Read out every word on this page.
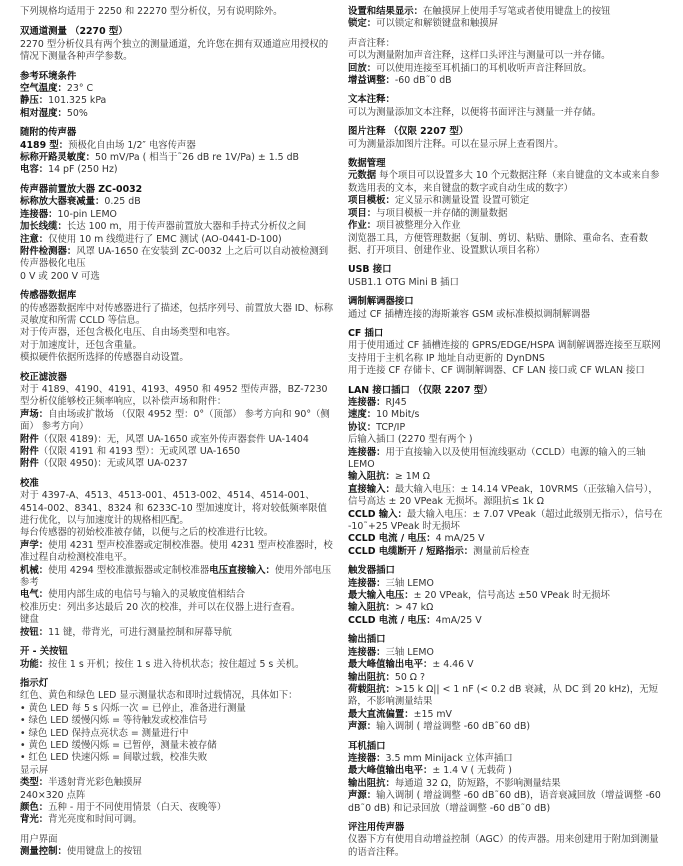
下列规格均适用于 2250 和 22270 型分析仪，另有说明除外。
双通道测量 （2270 型）
2270 型分析仪具有两个独立的测量通道，允许您在拥有双通道应用授权的情况下测量各种声学参数。
参考环境条件
空气温度：23° C
静压：101.325 kPa
相对湿度：50%
随附的传声器
4189 型：预极化自由场 1/2″ 电容传声器
标称开路灵敏度：50 mV/Pa ( 相当于˜26 dB re 1V/Pa) ± 1.5 dB
电容：14 pF (250 Hz)
传声器前置放大器 ZC-0032
标称放大器衰减量：0.25 dB
连接器：10-pin LEMO
加长线缆：长达 100 m，用于传声器前置放大器和手持式分析仪之间
注意：仅使用 10 m 线缆进行了 EMC 测试 (AO-0441-D-100)
附件检测器：风罩 UA-1650 在安装到 ZC-0032 上之后可以自动被检测到
传声器极化电压
0 V 或 200 V 可选
传感器数据库
的传感器数据库中对传感器进行了描述，包括序列号、前置放大器 ID、标称灵敏度和所需 CCLD 等信息。
对于传声器，还包含极化电压、自由场类型和电容。
对于加速度计，还包含重量。
模拟硬件依据所选择的传感器自动设置。
校正滤波器
对于 4189、4190、4191、4193、4950 和 4952 型传声器，BZ-7230 型分析仪能够校正频率响应，以补偿声场和附件：
声场：自由场或扩散场 （仅限 4952 型：0°（顶部） 参考方向和 90°（侧面） 参考方向）
附件（仅限 4189)：无，风罩 UA-1650 或室外传声器套件 UA-1404
附件（仅限 4191 和 4193 型）：无或风罩 UA-1650
附件（仅限 4950)：无或风罩 UA-0237
校准
对于 4397-A、4513、4513-001、4513-002、4514、4514-001、4514-002、8341、8324 和 6233C-10 型加速度计，将对较低频率限值进行优化，以与加速度计的规格相匹配。
每台传感器的初始校准被存储，以便与之后的校准进行比较。
声学：使用 4231 型声校准器或定制校准器。使用 4231 型声校准器时，校准过程自动检测校准电平。
机械：使用 4294 型校准激振器或定制校准器电压直接输入：使用外部电压参考
电气：使用内部生成的电信号与输入的灵敏度值相结合
校准历史：列出多达最后 20 次的校准，并可以在仪器上进行查看。
键盘
按钮：11 键，带背光，可进行测量控制和屏幕导航
开 - 关按钮
功能：按住 1 s 开机；按住 1 s 进入待机状态；按住超过 5 s 关机。
指示灯
红色、黄色和绿色 LED 显示测量状态和即时过载情况，具体如下：
• 黄色 LED 每 5 s 闪烁一次 = 已停止，准备进行测量
• 绿色 LED 缓慢闪烁 = 等待触发或校准信号
• 绿色 LED 保持点亮状态 = 测量进行中
• 黄色 LED 缓慢闪烁 = 已暂停，测量未被存储
• 红色 LED 快速闪烁 = 间歇过载，校准失败
显示屏
类型：半透射背光彩色触摸屏
240×320 点阵
颜色：五种 - 用于不同使用情景（白天、夜晚等）
背光：背光亮度和时间可调。
用户界面
测量控制：使用键盘上的按钮
设置和结果显示：在触摸屏上使用手写笔或者使用键盘上的按钮
锁定：可以锁定和解锁键盘和触摸屏
声音注释：
可以为测量附加声音注释，这样口头评注与测量可以一并存储。
回放：可以使用连接至耳机插口的耳机收听声音注释回放。
增益调整：-60 dB˜0 dB
文本注释：
可以为测量添加文本注释，以便将书面评注与测量一并存储。
图片注释 （仅限 2207 型）
可为测量添加图片注释。可以在显示屏上查看图片。
数据管理
元数据 每个项目可以设置多大 10 个元数据注释（来自键盘的文本或来自参数选用表的文本，来自键盘的数字或自动生成的数字）
项目模板：定义显示和测量设置 设置可锁定
项目：与项目模板一并存储的测量数据
作业：项目被整理分入作业
浏览器工具，方便管理数据（复制、剪切、粘贴、删除、重命名、查看数据、打开项目、创建作业、设置默认项目名称）
USB 接口
USB1.1 OTG Mini B 插口
调制解调器接口
通过 CF 插槽连接的海斯兼容 GSM 或标准模拟调制解调器
CF 插口
用于使用通过 CF 插槽连接的 GPRS/EDGE/HSPA 调制解调器连接至互联网
支持用于主机名称 IP 地址自动更新的 DynDNS
用于连接 CF 存储卡、CF 调制解调器、CF LAN 接口或 CF WLAN 接口
LAN 接口插口 （仅限 2207 型）
连接器：RJ45
速度：10 Mbit/s
协议：TCP/IP
后输入插口 (2270 型有两个 )
连接器：用于直接输入以及使用恒流线驱动（CCLD）电源的输入的三轴 LEMO
输入阻抗：≥ 1M Ω
直接输入：最大输入电压：± 14.14 VPeak，10VRMS（正弦输入信号），信号高达 ± 20 VPeak 无损坏。源阻抗≤ 1k Ω
CCLD 输入：最大输入电压：± 7.07 VPeak（超过此级别无指示），信号在 -10˜+25 VPeak 时无损坏
CCLD 电流 / 电压：4 mA/25 V
CCLD 电缆断开 / 短路指示：测量前后检查
触发器插口
连接器：三轴 LEMO
最大输入电压：± 20 VPeak，信号高达 ±50 VPeak 时无损坏
输入阻抗：> 47 kΩ
CCLD 电流 / 电压：4mA/25 V
输出插口
连接器：三轴 LEMO
最大峰值输出电平：± 4.46 V
输出阻抗：50 Ω ?
荷载阻抗：>15 k Ω|| < 1 nF (< 0.2 dB 衰减，从 DC 到 20 kHz)，无短路，不影响测量结果
最大直流偏置：±15 mV
声源：输入调制 ( 增益调整 -60 dB˜60 dB)
耳机插口
连接器：3.5 mm Minijack 立体声插口
最大峰值输出电平：± 1.4 V ( 无载荷 )
输出阻抗：每通道 32 Ω，防短路，不影响测量结果
声源：输入调制 ( 增益调整 -60 dB˜60 dB)，语音衰减回放（增益调整 -60 dB˜0 dB) 和记录回放（增益调整 -60 dB˜0 dB)
评注用传声器
仪器下方有使用自动增益控制（AGC）的传声器。用来创建用于附加到测量的语音注释。
